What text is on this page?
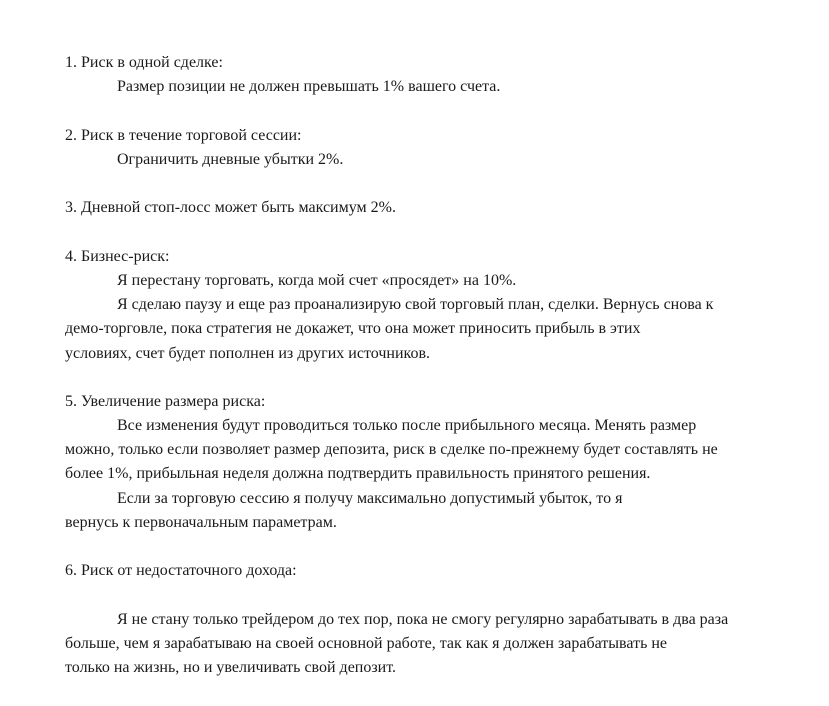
1. Риск в одной сделке:
Размер позиции не должен превышать 1% вашего счета.
2. Риск в течение торговой сессии:
Ограничить дневные убытки 2%.
3. Дневной стоп-лосс может быть максимум 2%.
4. Бизнес-риск:
Я перестану торговать, когда мой счет «просядет» на 10%.
Я сделаю паузу и еще раз проанализирую свой торговый план, сделки. Вернусь снова к
демо-торговле, пока стратегия не докажет, что она может приносить прибыль в этих
условиях, счет будет пополнен из других источников.
5. Увеличение размера риска:
Все изменения будут проводиться только после прибыльного месяца. Менять размер
можно, только если позволяет размер депозита, риск в сделке по-прежнему будет составлять не
более 1%, прибыльная неделя должна подтвердить правильность принятого решения.
Если за торговую сессию я получу максимально допустимый убыток, то я
вернусь к первоначальным параметрам.
6. Риск от недостаточного дохода:
Я не стану только трейдером до тех пор, пока не смогу регулярно зарабатывать в два раза
больше, чем я зарабатываю на своей основной работе, так как я должен зарабатывать не
только на жизнь, но и увеличивать свой депозит.
